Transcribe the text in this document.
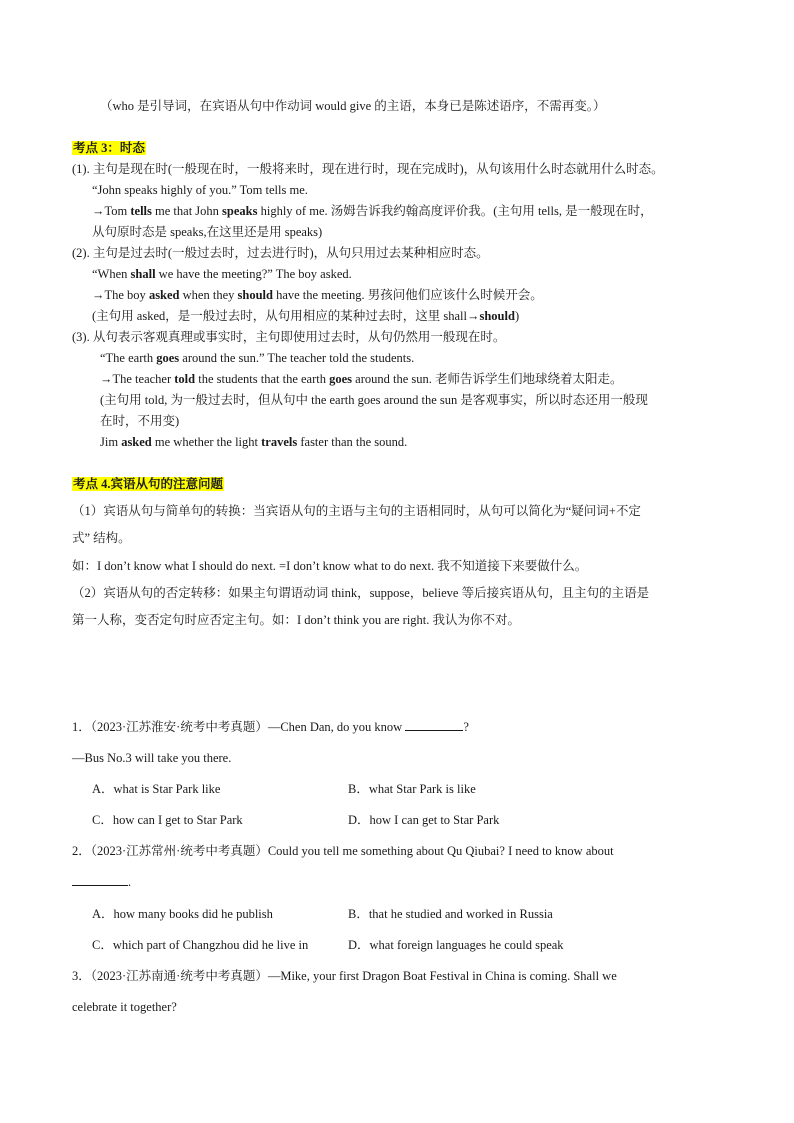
（who 是引导词，在宾语从句中作动词 would give 的主语，本身已是陈述语序，不需再变。）
考点 3：时态
(1). 主句是现在时(一般现在时，一般将来时，现在进行时，现在完成时)，从句该用什么时态就用什么时态。
“John speaks highly of you.” Tom tells me.
→Tom tells me that John speaks highly of me. 汤姆告诉我约翰高度评价我。(主句用 tells, 是一般现在时，
从句原时态是 speaks,在这里还是用 speaks)
(2). 主句是过去时(一般过去时，过去进行时)，从句只用过去某种相应时态。
“When shall we have the meeting?” The boy asked.
→The boy asked when they should have the meeting. 男孩问他们应该什么时候开会。
(主句用 asked，是一般过去时，从句用相应的某种过去时，这里 shall→should)
(3). 从句表示客观真理或事实时，主句即使用过去时，从句仍然用一般现在时。
“The earth goes around the sun.” The teacher told the students.
→The teacher told the students that the earth goes around the sun. 老师告诉学生们地球绕着太阳走。
(主句用 told, 为一般过去时，但从句中 the earth goes around the sun 是客观事实，所以时态还用一般现
在时，不用变)
Jim asked me whether the light travels faster than the sound.
考点 4.宾语从句的注意问题
（1）宾语从句与简单句的转换：当宾语从句的主语与主句的主语相同时，从句可以简化为“疑问词+不定
式” 结构。
如：I don’t know what I should do next. =I don’t know what to do next. 我不知道接下来要做什么。
（2）宾语从句的否定转移：如果主句谓语动词 think，suppose，believe 等后接宾语从句，且主句的主语是
第一人称，变否定句时应否定主句。如：I don’t think you are right. 我认为你不对。
1．（2023·江苏淮安·统考中考真题）—Chen Dan, do you know	?
—Bus No.3 will take you there.
A．what is Star Park like	B．what Star Park is like
C．how can I get to Star Park	D．how I can get to Star Park
2．（2023·江苏常州·统考中考真题）Could you tell me something about Qu Qiubai? I need to know about
.
A．how many books did he publish	B．that he studied and worked in Russia
C．which part of Changzhou did he live in	D．what foreign languages he could speak
3．（2023·江苏南通·统考中考真题）—Mike, your first Dragon Boat Festival in China is coming. Shall we
celebrate it together?
